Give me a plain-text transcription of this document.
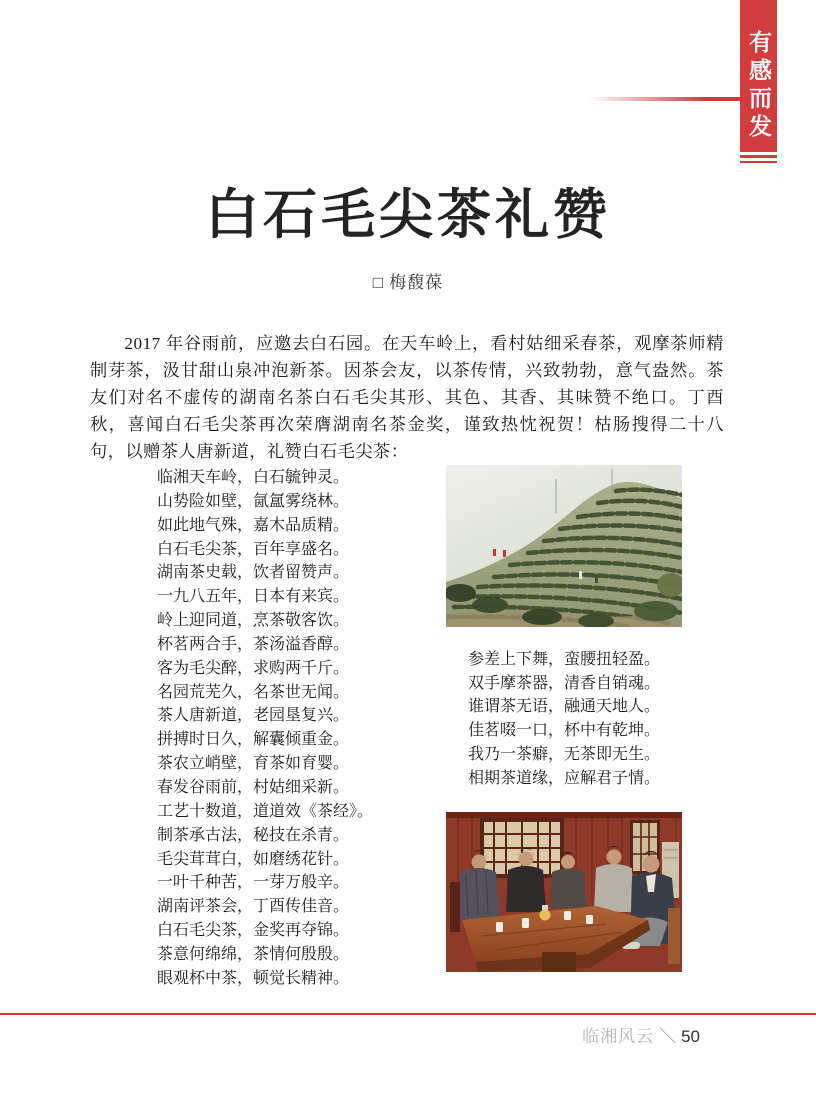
有感而发
白石毛尖茶礼赞
□ 梅馥葆

2017 年谷雨前，应邀去白石园。在天车岭上，看村姑细采春茶，观摩茶师精制芽茶，汲甘甜山泉冲泡新茶。因茶会友，以茶传情，兴致勃勃，意气盎然。茶友们对名不虚传的湖南名茶白石毛尖其形、其色、其香、其味赞不绝口。丁酉秋，喜闻白石毛尖茶再次荣膺湖南名茶金奖，谨致热忱祝贺！枯肠搜得二十八句，以赠茶人唐新道，礼赞白石毛尖茶：

临湘天车岭，白石毓钟灵。
山势险如壁，氤氲雾绕林。
如此地气殊，嘉木品质精。
白石毛尖茶，百年享盛名。
湖南茶史载，饮者留赞声。
一九八五年，日本有来宾。
岭上迎同道，烹茶敬客饮。
杯茗两合手，茶汤溢香醇。
客为毛尖醉，求购两千斤。
名园荒芜久，名茶世无闻。
茶人唐新道，老园垦复兴。
拼搏时日久，解囊倾重金。
茶农立峭壁，育茶如育婴。
春发谷雨前，村姑细采新。
工艺十数道，道道效《茶经》。
制茶承古法，秘技在杀青。
毛尖茸茸白，如磨绣花针。
一叶千种苦，一芽万般辛。
湖南评茶会，丁酉传佳音。
白石毛尖茶，金奖再夺锦。
茶意何绵绵，茶情何殷殷。
眼观杯中茶，顿觉长精神。
参差上下舞，蛮腰扭轻盈。
双手摩茶器，清香自销魂。
谁谓茶无语，融通天地人。
佳茗啜一口，杯中有乾坤。
我乃一茶癖，无茶即无生。
相期茶道缘，应解君子情。
临湘风云 ＼ 50
